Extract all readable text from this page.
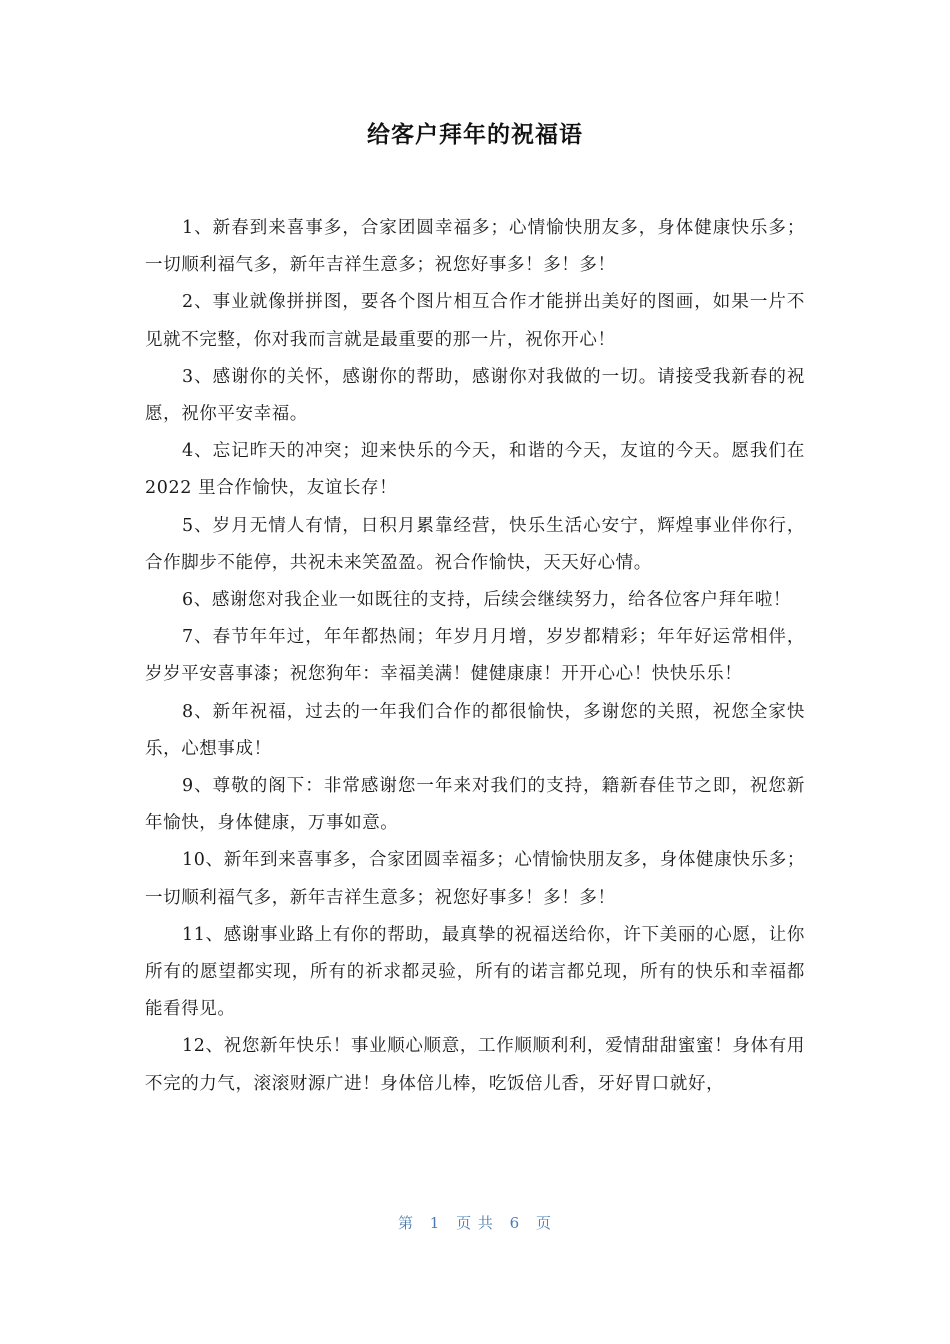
给客户拜年的祝福语

1、新春到来喜事多，合家团圆幸福多；心情愉快朋友多，身体健康快乐多；一切顺利福气多，新年吉祥生意多；祝您好事多！多！多！

2、事业就像拼拼图，要各个图片相互合作才能拼出美好的图画，如果一片不见就不完整，你对我而言就是最重要的那一片，祝你开心！

3、感谢你的关怀，感谢你的帮助，感谢你对我做的一切。请接受我新春的祝愿，祝你平安幸福。

4、忘记昨天的冲突；迎来快乐的今天，和谐的今天，友谊的今天。愿我们在 2022 里合作愉快，友谊长存！

5、岁月无情人有情，日积月累靠经营，快乐生活心安宁，辉煌事业伴你行，合作脚步不能停，共祝未来笑盈盈。祝合作愉快，天天好心情。

6、感谢您对我企业一如既往的支持，后续会继续努力，给各位客户拜年啦！

7、春节年年过，年年都热闹；年岁月月增，岁岁都精彩；年年好运常相伴，岁岁平安喜事漆；祝您狗年：幸福美满！健健康康！开开心心！快快乐乐！

8、新年祝福，过去的一年我们合作的都很愉快，多谢您的关照，祝您全家快乐，心想事成！

9、尊敬的阁下：非常感谢您一年来对我们的支持，籍新春佳节之即，祝您新年愉快，身体健康，万事如意。

10、新年到来喜事多，合家团圆幸福多；心情愉快朋友多，身体健康快乐多；一切顺利福气多，新年吉祥生意多；祝您好事多！多！多！

11、感谢事业路上有你的帮助，最真挚的祝福送给你，许下美丽的心愿，让你所有的愿望都实现，所有的祈求都灵验，所有的诺言都兑现，所有的快乐和幸福都能看得见。

12、祝您新年快乐！事业顺心顺意，工作顺顺利利，爱情甜甜蜜蜜！身体有用不完的力气，滚滚财源广进！身体倍儿棒，吃饭倍儿香，牙好胃口就好，

第 1 页 共 6 页
